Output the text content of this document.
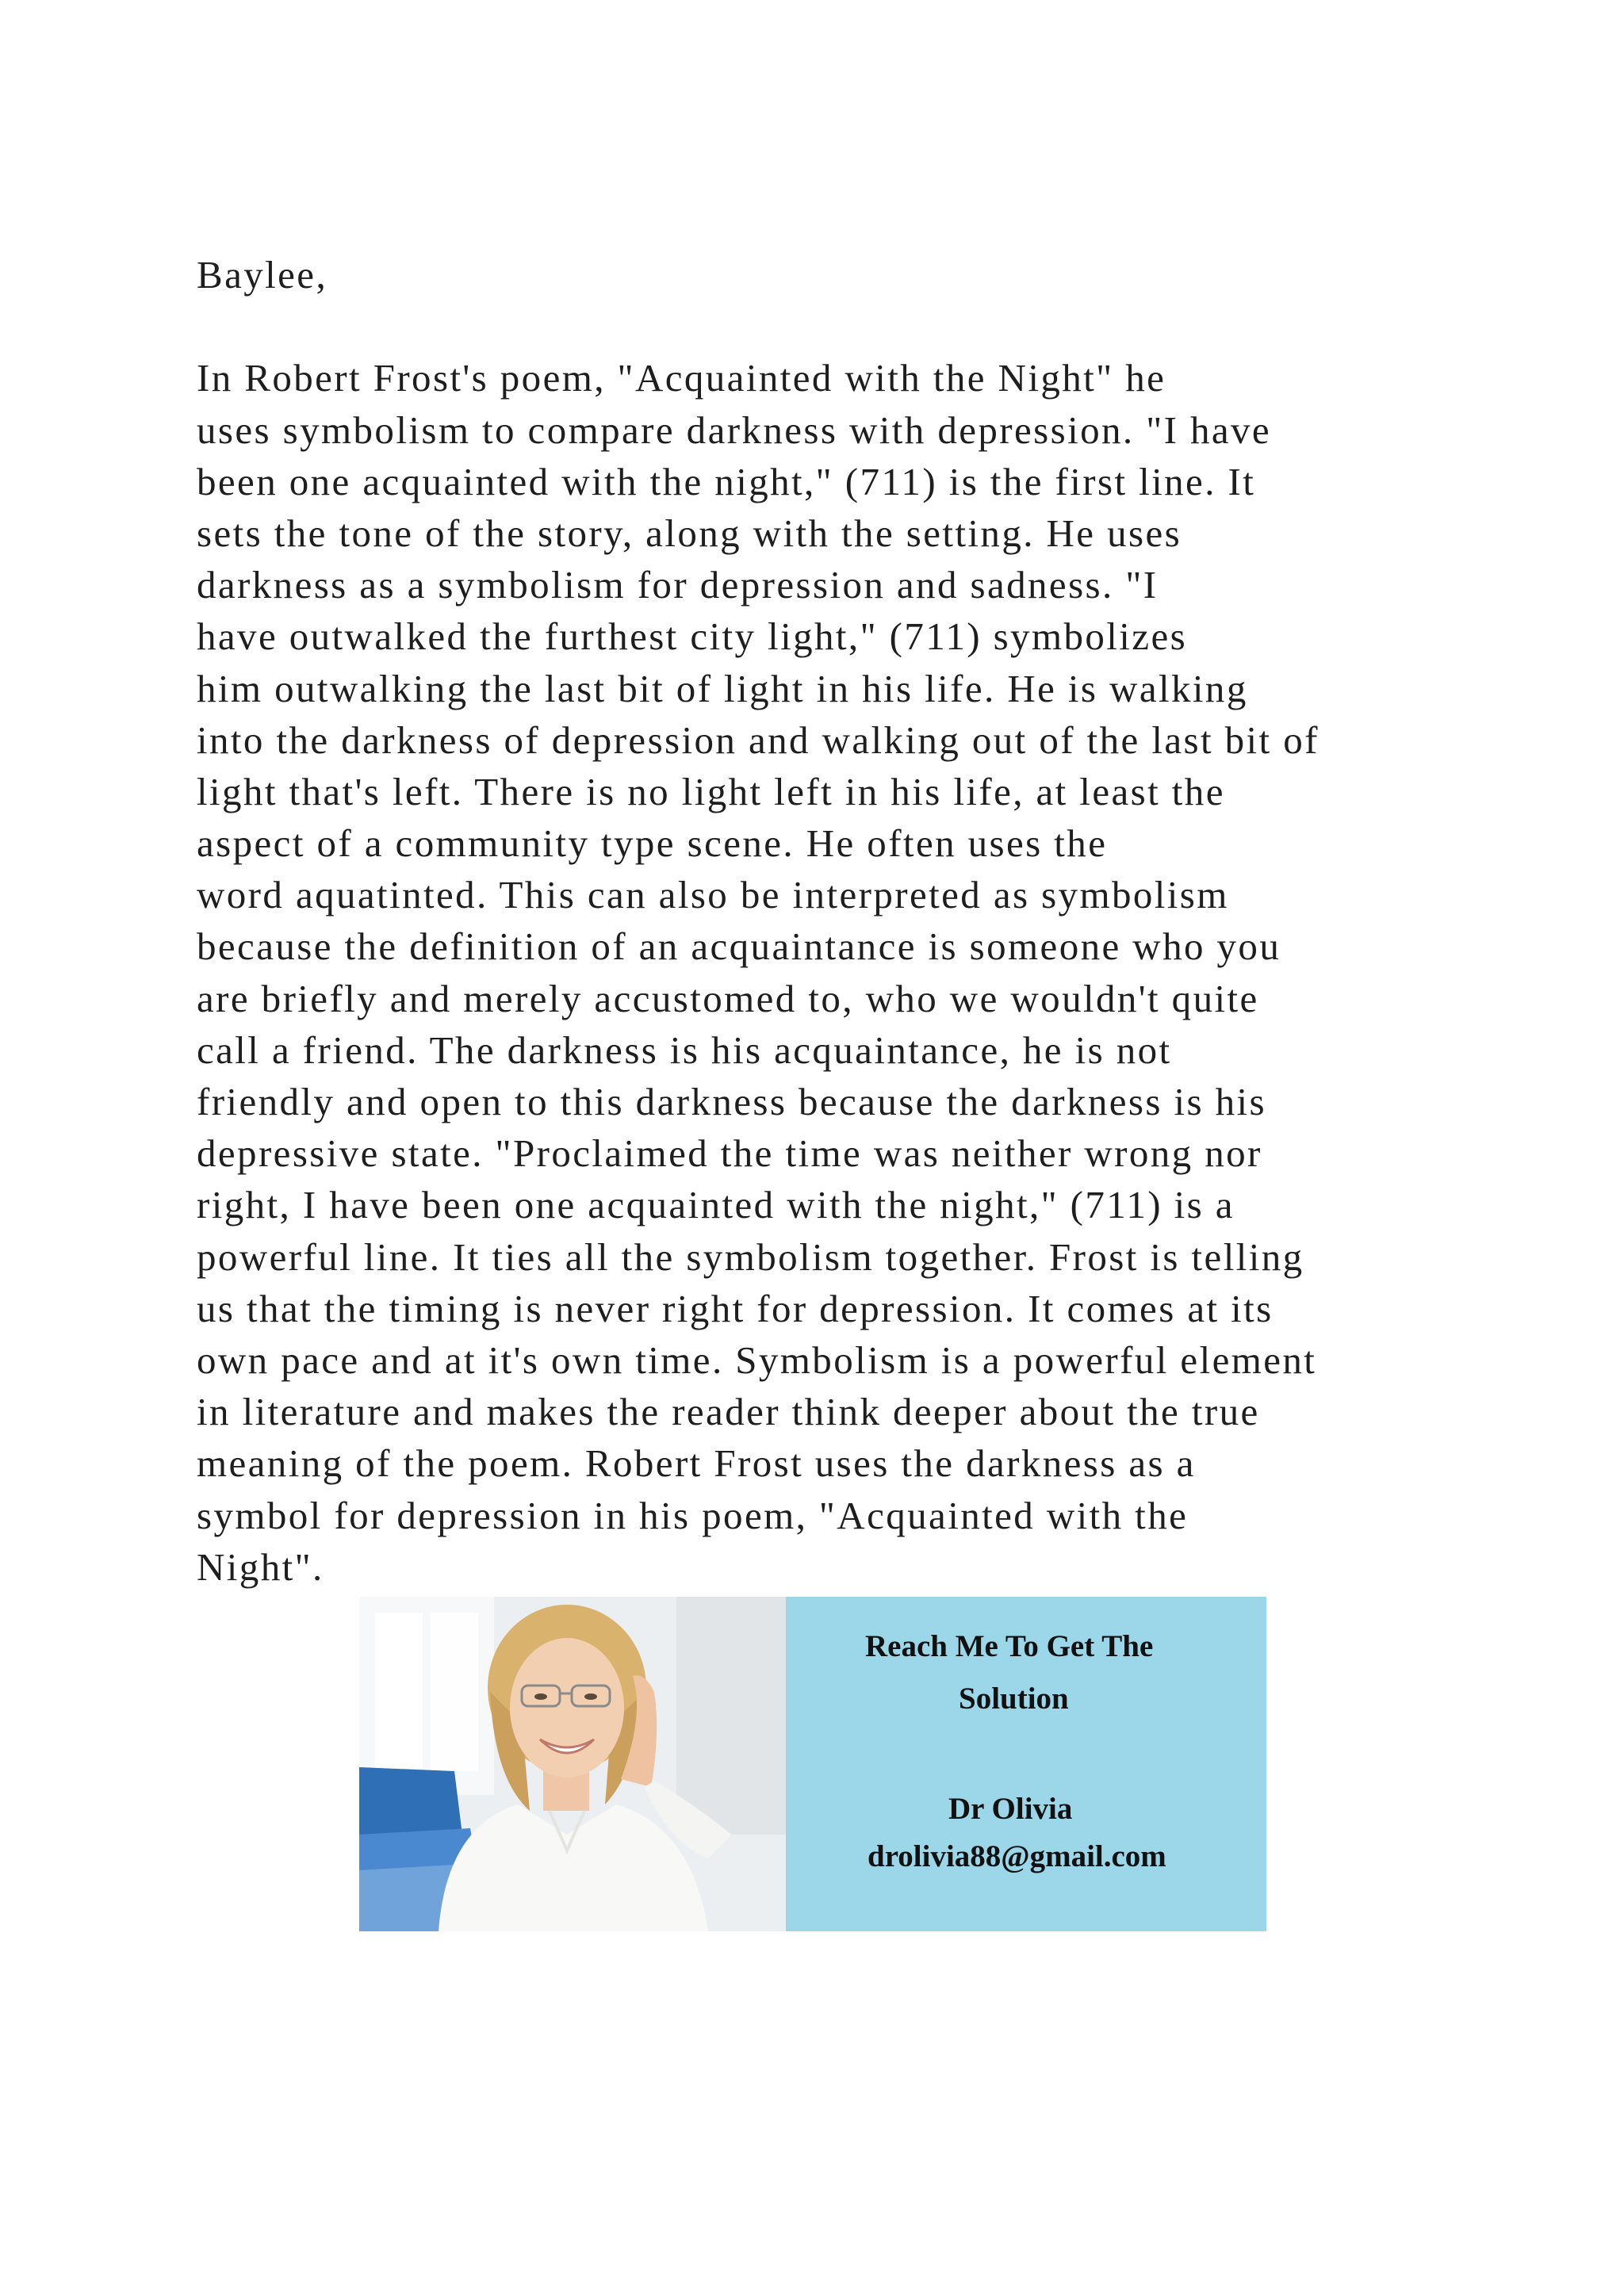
Baylee,
In Robert Frost's poem, "Acquainted with the Night" he
uses symbolism to compare darkness with depression. "I have
been one acquainted with the night," (711) is the first line. It
sets the tone of the story, along with the setting. He uses
darkness as a symbolism for depression and sadness. "I
have outwalked the furthest city light," (711) symbolizes
him outwalking the last bit of light in his life. He is walking
into the darkness of depression and walking out of the last bit of
light that's left. There is no light left in his life, at least the
aspect of a community type scene. He often uses the
word aquatinted. This can also be interpreted as symbolism
because the definition of an acquaintance is someone who you
are briefly and merely accustomed to, who we wouldn't quite
call a friend. The darkness is his acquaintance, he is not
friendly and open to this darkness because the darkness is his
depressive state. "Proclaimed the time was neither wrong nor
right, I have been one acquainted with the night," (711) is a
powerful line. It ties all the symbolism together. Frost is telling
us that the timing is never right for depression. It comes at its
own pace and at it's own time. Symbolism is a powerful element
in literature and makes the reader think deeper about the true
meaning of the poem. Robert Frost uses the darkness as a
symbol for depression in his poem, "Acquainted with the
Night".
Reach Me To Get The
Solution
Dr Olivia
drolivia88@gmail.com
